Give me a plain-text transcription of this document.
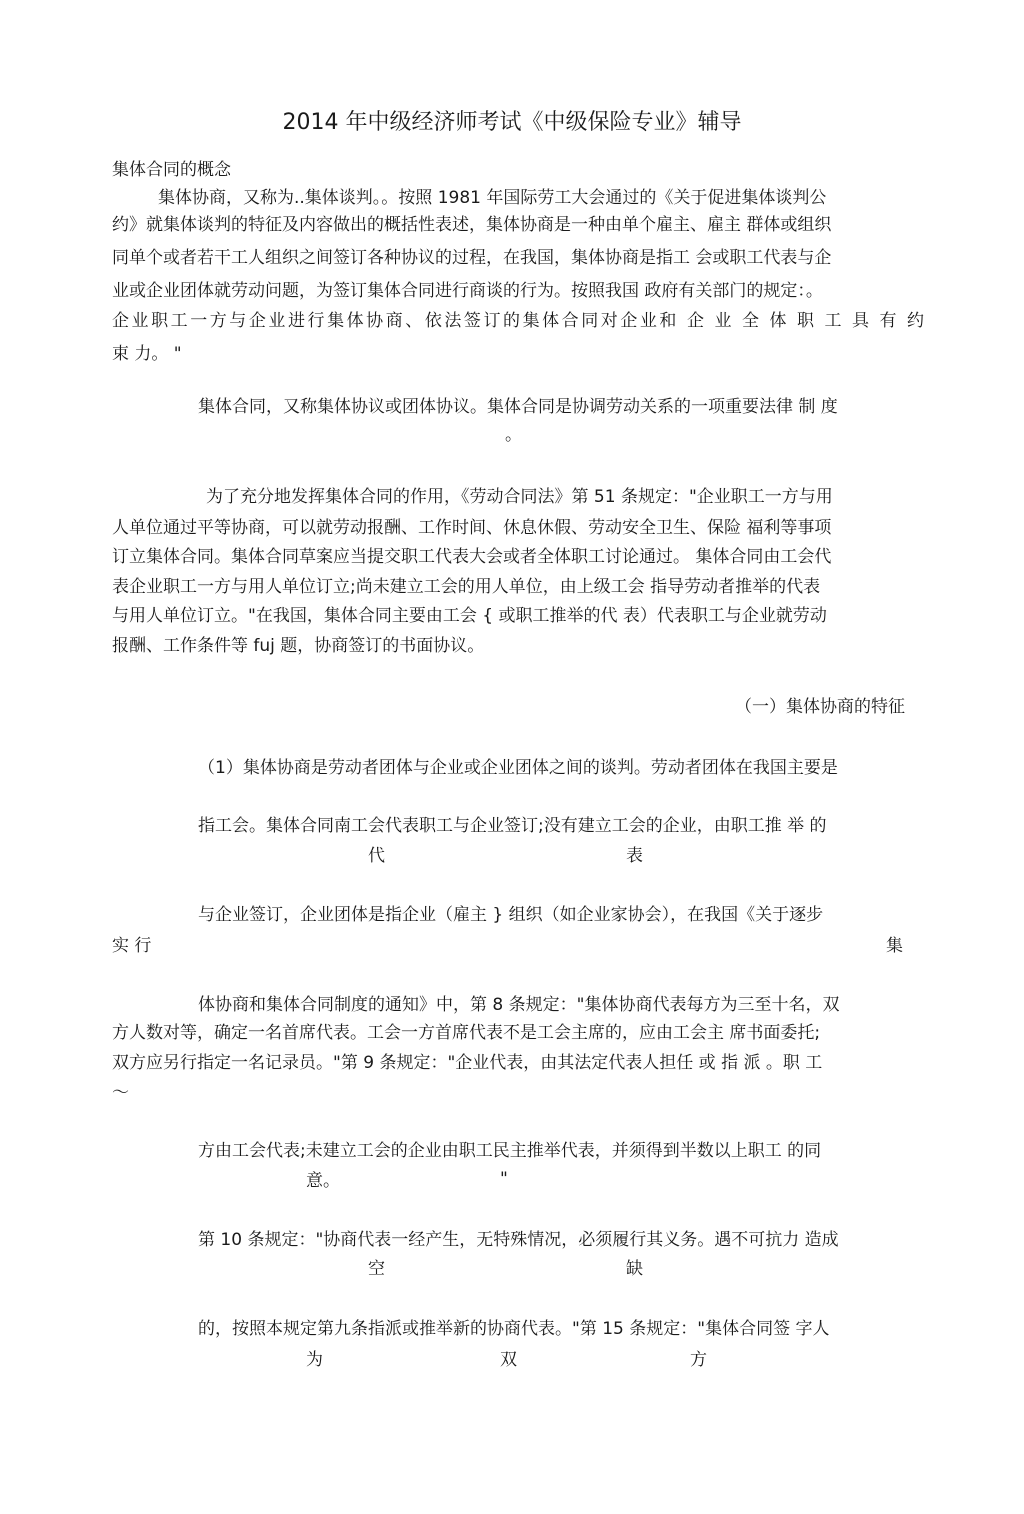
2014 年中级经济师考试《中级保险专业》辅导
集体合同的概念
集体协商，又称为..集体谈判。。按照 1981 年国际劳工大会通过的《关于促进集体谈判公
约》就集体谈判的特征及内容做出的概括性表述，集体协商是一种由单个雇主、雇主 群体或组织
同单个或者若干工人组织之间签订各种协议的过程，在我国，集体协商是指工 会或职工代表与企
业或企业团体就劳动问题，为签订集体合同进行商谈的行为。按照我国 政府有关部门的规定：。
企业职工一方与企业进行集体协商、依法签订的集体合同对企业和 企 业 全 体 职 工 具 有 约
束 力。 "
集体合同，又称集体协议或团体协议。集体合同是协调劳动关系的一项重要法律 制 度
。
为了充分地发挥集体合同的作用，《劳动合同法》第 51 条规定："企业职工一方与用
人单位通过平等协商，可以就劳动报酬、工作时间、休息休假、劳动安全卫生、保险 福利等事项
订立集体合同。集体合同草案应当提交职工代表大会或者全体职工讨论通过。 集体合同由工会代
表企业职工一方与用人单位订立;尚未建立工会的用人单位，由上级工会 指导劳动者推举的代表
与用人单位订立。"在我国，集体合同主要由工会 { 或职工推举的代 表）代表职工与企业就劳动
报酬、工作条件等 fuj 题，协商签订的书面协议。
（一）集体协商的特征
（1）集体协商是劳动者团体与企业或企业团体之间的谈判。劳动者团体在我国主要是
指工会。集体合同南工会代表职工与企业签订;没有建立工会的企业，由职工推 举 的
代	表
与企业签订，企业团体是指企业（雇主 } 组织（如企业家协会），在我国《关于逐步
实 行	集
体协商和集体合同制度的通知》中，第 8 条规定："集体协商代表每方为三至十名，双
方人数对等，确定一名首席代表。工会一方首席代表不是工会主席的，应由工会主 席书面委托;
双方应另行指定一名记录员。"第 9 条规定："企业代表，由其法定代表人担任 或 指 派 。职 工
〜
方由工会代表;未建立工会的企业由职工民主推举代表，并须得到半数以上职工 的同
意。	"
第 10 条规定："协商代表一经产生，无特殊情况，必须履行其义务。遇不可抗力 造成
空	缺
的，按照本规定第九条指派或推举新的协商代表。"第 15 条规定："集体合同签 字人
为	双	方
